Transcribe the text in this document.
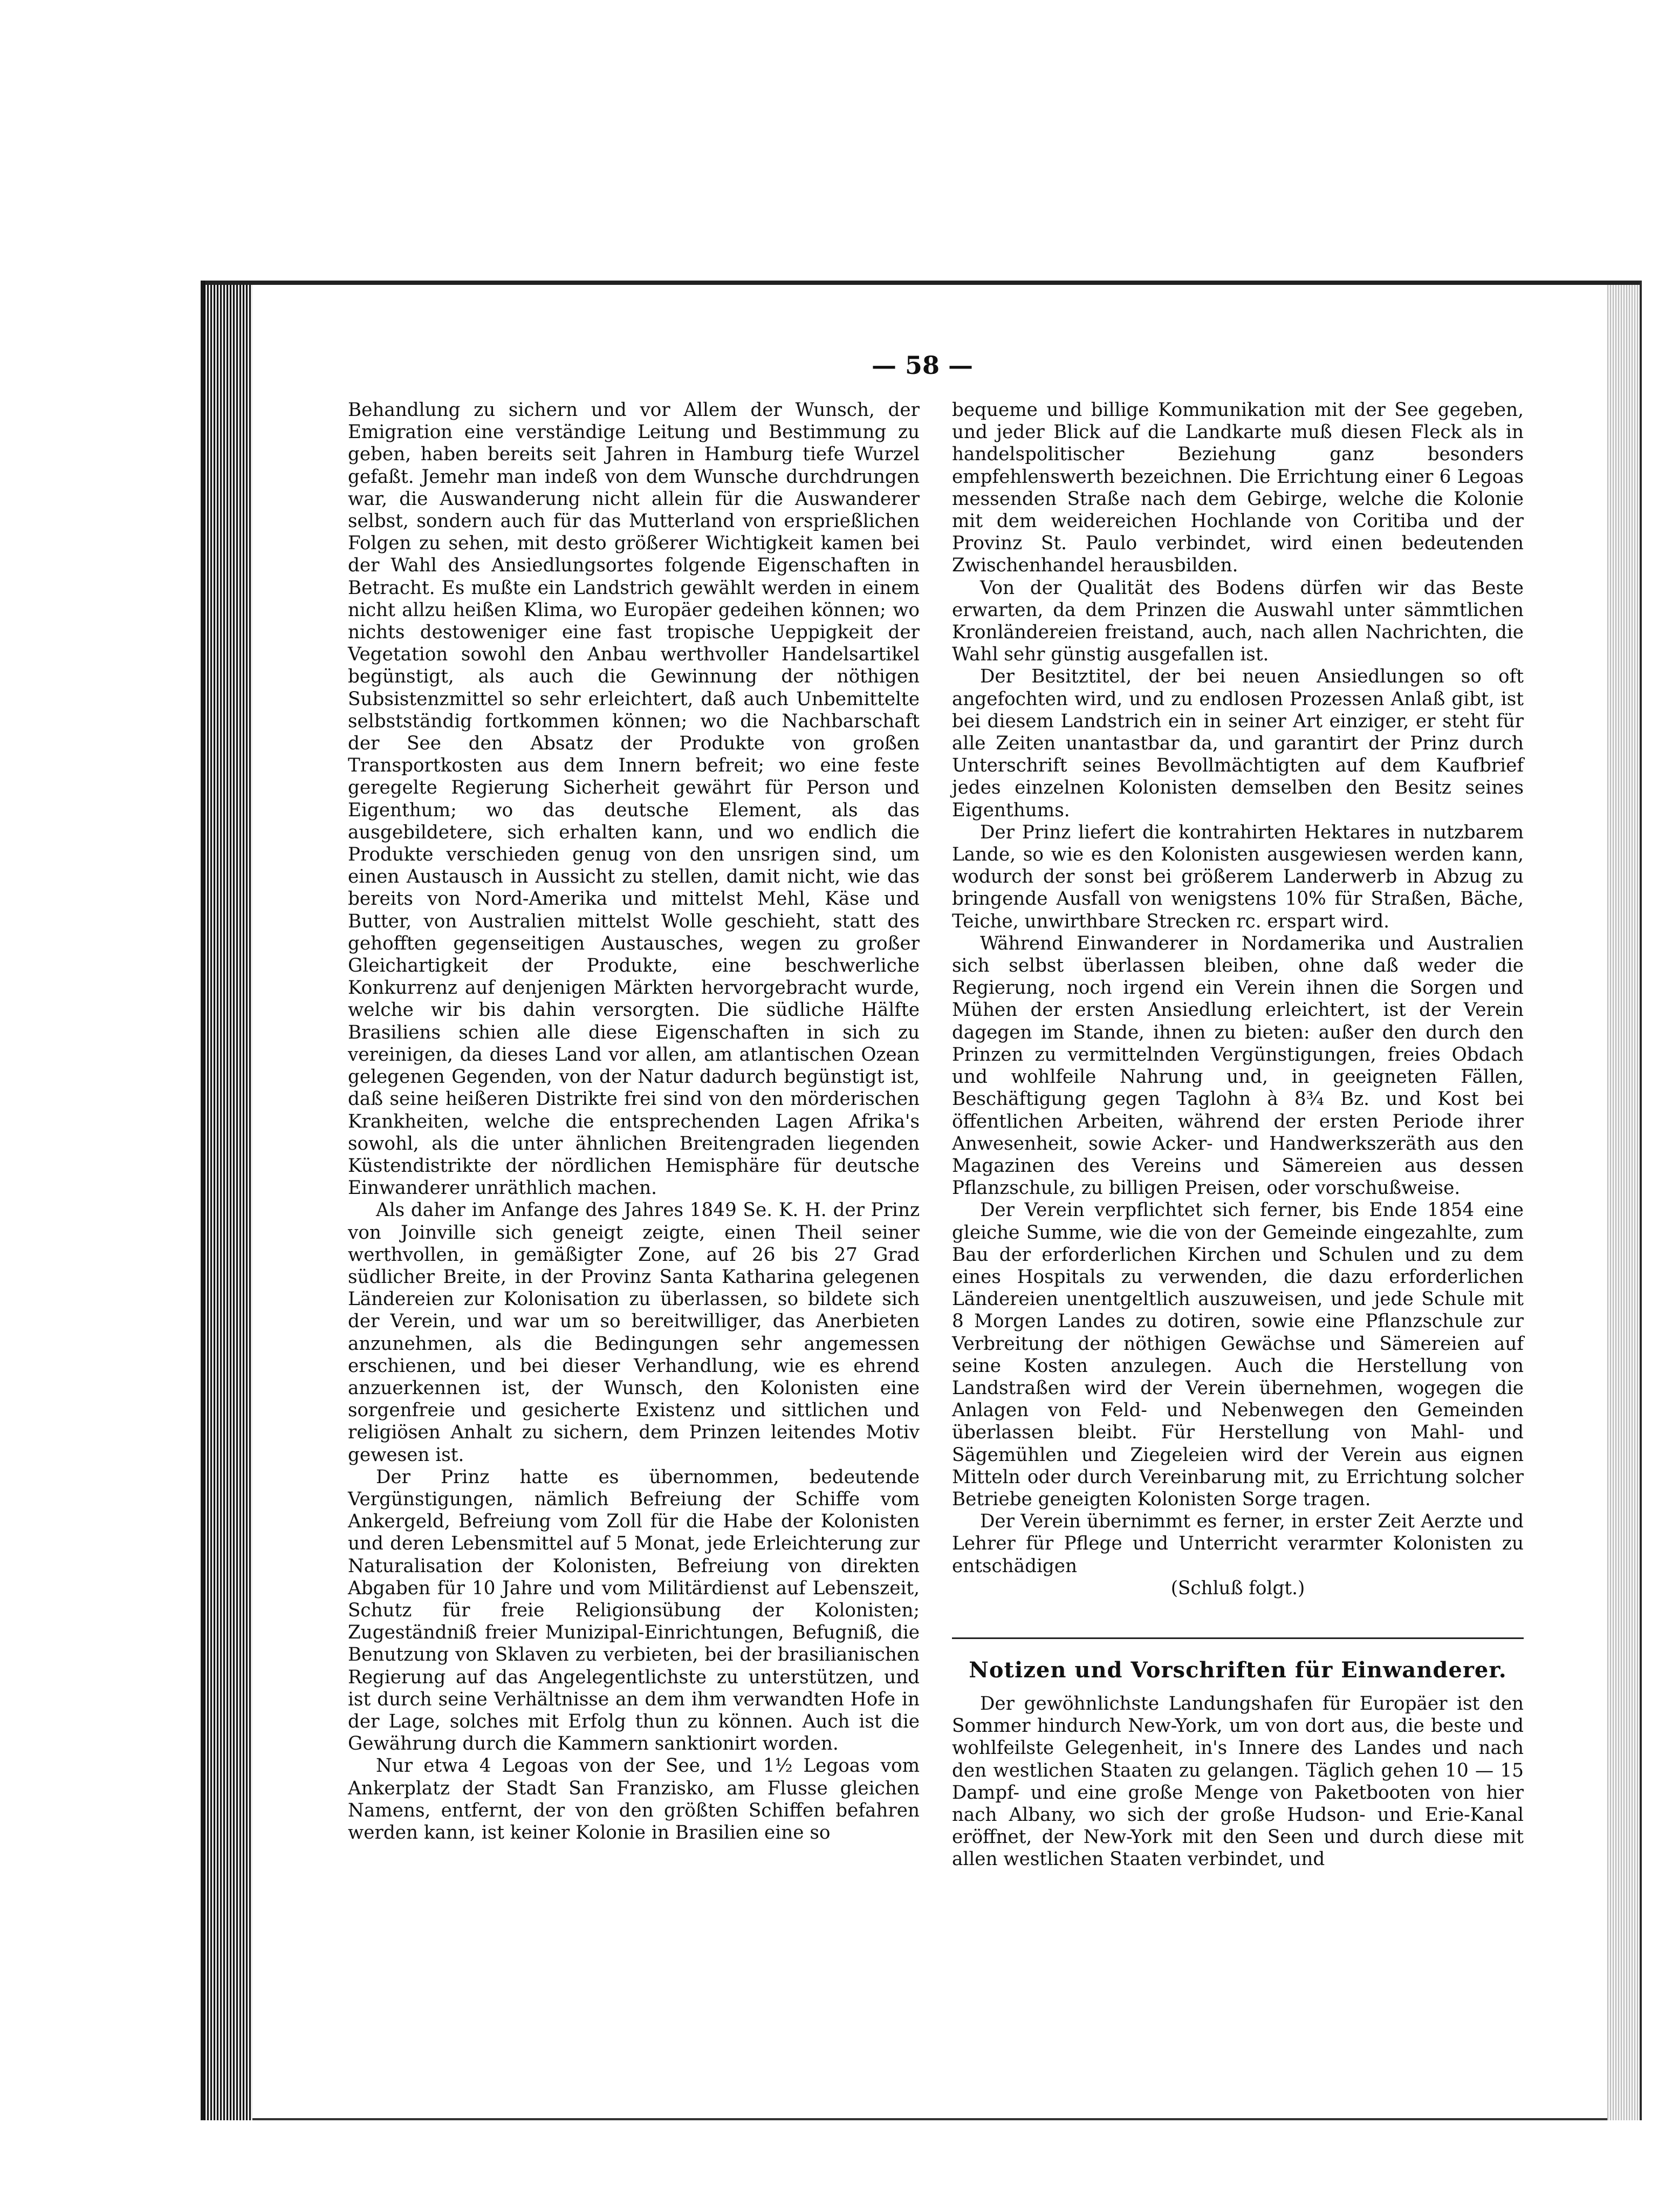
— 58 —

Behandlung zu sichern und vor Allem der Wunsch, der Emigration eine verständige Leitung und Bestimmung zu geben, haben bereits seit Jahren in Hamburg tiefe Wurzel gefaßt. Jemehr man indeß von dem Wunsche durchdrungen war, die Auswanderung nicht allein für die Auswanderer selbst, sondern auch für das Mutterland von ersprießlichen Folgen zu sehen, mit desto größerer Wichtigkeit kamen bei der Wahl des Ansiedlungsortes folgende Eigenschaften in Betracht. Es mußte ein Landstrich gewählt werden in einem nicht allzu heißen Klima, wo Europäer gedeihen können; wo nichts destoweniger eine fast tropische Ueppigkeit der Vegetation sowohl den Anbau werthvoller Handelsartikel begünstigt, als auch die Gewinnung der nöthigen Subsistenzmittel so sehr erleichtert, daß auch Unbemittelte selbstständig fortkommen können; wo die Nachbarschaft der See den Absatz der Produkte von großen Transportkosten aus dem Innern befreit; wo eine feste geregelte Regierung Sicherheit gewährt für Person und Eigenthum; wo das deutsche Element, als das ausgebildetere, sich erhalten kann, und wo endlich die Produkte verschieden genug von den unsrigen sind, um einen Austausch in Aussicht zu stellen, damit nicht, wie das bereits von Nord-Amerika und mittelst Mehl, Käse und Butter, von Australien mittelst Wolle geschieht, statt des gehofften gegenseitigen Austausches, wegen zu großer Gleichartigkeit der Produkte, eine beschwerliche Konkurrenz auf denjenigen Märkten hervorgebracht wurde, welche wir bis dahin versorgten. Die südliche Hälfte Brasiliens schien alle diese Eigenschaften in sich zu vereinigen, da dieses Land vor allen, am atlantischen Ozean gelegenen Gegenden, von der Natur dadurch begünstigt ist, daß seine heißeren Distrikte frei sind von den mörderischen Krankheiten, welche die entsprechenden Lagen Afrika's sowohl, als die unter ähnlichen Breitengraden liegenden Küstendistrikte der nördlichen Hemisphäre für deutsche Einwanderer unräthlich machen.

Als daher im Anfange des Jahres 1849 Se. K. H. der Prinz von Joinville sich geneigt zeigte, einen Theil seiner werthvollen, in gemäßigter Zone, auf 26 bis 27 Grad südlicher Breite, in der Provinz Santa Katharina gelegenen Ländereien zur Kolonisation zu überlassen, so bildete sich der Verein, und war um so bereitwilliger, das Anerbieten anzunehmen, als die Bedingungen sehr angemessen erschienen, und bei dieser Verhandlung, wie es ehrend anzuerkennen ist, der Wunsch, den Kolonisten eine sorgenfreie und gesicherte Existenz und sittlichen und religiösen Anhalt zu sichern, dem Prinzen leitendes Motiv gewesen ist.

Der Prinz hatte es übernommen, bedeutende Vergünstigungen, nämlich Befreiung der Schiffe vom Ankergeld, Befreiung vom Zoll für die Habe der Kolonisten und deren Lebensmittel auf 5 Monat, jede Erleichterung zur Naturalisation der Kolonisten, Befreiung von direkten Abgaben für 10 Jahre und vom Militärdienst auf Lebenszeit, Schutz für freie Religionsübung der Kolonisten; Zugeständniß freier Munizipal-Einrichtungen, Befugniß, die Benutzung von Sklaven zu verbieten, bei der brasilianischen Regierung auf das Angelegentlichste zu unterstützen, und ist durch seine Verhältnisse an dem ihm verwandten Hofe in der Lage, solches mit Erfolg thun zu können. Auch ist die Gewährung durch die Kammern sanktionirt worden.

Nur etwa 4 Legoas von der See, und 1½ Legoas vom Ankerplatz der Stadt San Franzisko, am Flusse gleichen Namens, entfernt, der von den größten Schiffen befahren werden kann, ist keiner Kolonie in Brasilien eine so

bequeme und billige Kommunikation mit der See gegeben, und jeder Blick auf die Landkarte muß diesen Fleck als in handelspolitischer Beziehung ganz besonders empfehlenswerth bezeichnen. Die Errichtung einer 6 Legoas messenden Straße nach dem Gebirge, welche die Kolonie mit dem weidereichen Hochlande von Coritiba und der Provinz St. Paulo verbindet, wird einen bedeutenden Zwischenhandel herausbilden.

Von der Qualität des Bodens dürfen wir das Beste erwarten, da dem Prinzen die Auswahl unter sämmtlichen Kronländereien freistand, auch, nach allen Nachrichten, die Wahl sehr günstig ausgefallen ist.

Der Besitztitel, der bei neuen Ansiedlungen so oft angefochten wird, und zu endlosen Prozessen Anlaß gibt, ist bei diesem Landstrich ein in seiner Art einziger, er steht für alle Zeiten unantastbar da, und garantirt der Prinz durch Unterschrift seines Bevollmächtigten auf dem Kaufbrief jedes einzelnen Kolonisten demselben den Besitz seines Eigenthums.

Der Prinz liefert die kontrahirten Hektares in nutzbarem Lande, so wie es den Kolonisten ausgewiesen werden kann, wodurch der sonst bei größerem Landerwerb in Abzug zu bringende Ausfall von wenigstens 10% für Straßen, Bäche, Teiche, unwirthbare Strecken rc. erspart wird.

Während Einwanderer in Nordamerika und Australien sich selbst überlassen bleiben, ohne daß weder die Regierung, noch irgend ein Verein ihnen die Sorgen und Mühen der ersten Ansiedlung erleichtert, ist der Verein dagegen im Stande, ihnen zu bieten: außer den durch den Prinzen zu vermittelnden Vergünstigungen, freies Obdach und wohlfeile Nahrung und, in geeigneten Fällen, Beschäftigung gegen Taglohn à 8¾ Bz. und Kost bei öffentlichen Arbeiten, während der ersten Periode ihrer Anwesenheit, sowie Acker- und Handwerkszeräth aus den Magazinen des Vereins und Sämereien aus dessen Pflanzschule, zu billigen Preisen, oder vorschußweise.

Der Verein verpflichtet sich ferner, bis Ende 1854 eine gleiche Summe, wie die von der Gemeinde eingezahlte, zum Bau der erforderlichen Kirchen und Schulen und zu dem eines Hospitals zu verwenden, die dazu erforderlichen Ländereien unentgeltlich auszuweisen, und jede Schule mit 8 Morgen Landes zu dotiren, sowie eine Pflanzschule zur Verbreitung der nöthigen Gewächse und Sämereien auf seine Kosten anzulegen. Auch die Herstellung von Landstraßen wird der Verein übernehmen, wogegen die Anlagen von Feld- und Nebenwegen den Gemeinden überlassen bleibt. Für Herstellung von Mahl- und Sägemühlen und Ziegeleien wird der Verein aus eignen Mitteln oder durch Vereinbarung mit, zu Errichtung solcher Betriebe geneigten Kolonisten Sorge tragen.

Der Verein übernimmt es ferner, in erster Zeit Aerzte und Lehrer für Pflege und Unterricht verarmter Kolonisten zu entschädigen

(Schluß folgt.)

Notizen und Vorschriften für Einwanderer.

Der gewöhnlichste Landungshafen für Europäer ist den Sommer hindurch New-York, um von dort aus, die beste und wohlfeilste Gelegenheit, in's Innere des Landes und nach den westlichen Staaten zu gelangen. Täglich gehen 10 — 15 Dampf- und eine große Menge von Paketbooten von hier nach Albany, wo sich der große Hudson- und Erie-Kanal eröffnet, der New-York mit den Seen und durch diese mit allen westlichen Staaten verbindet, und
